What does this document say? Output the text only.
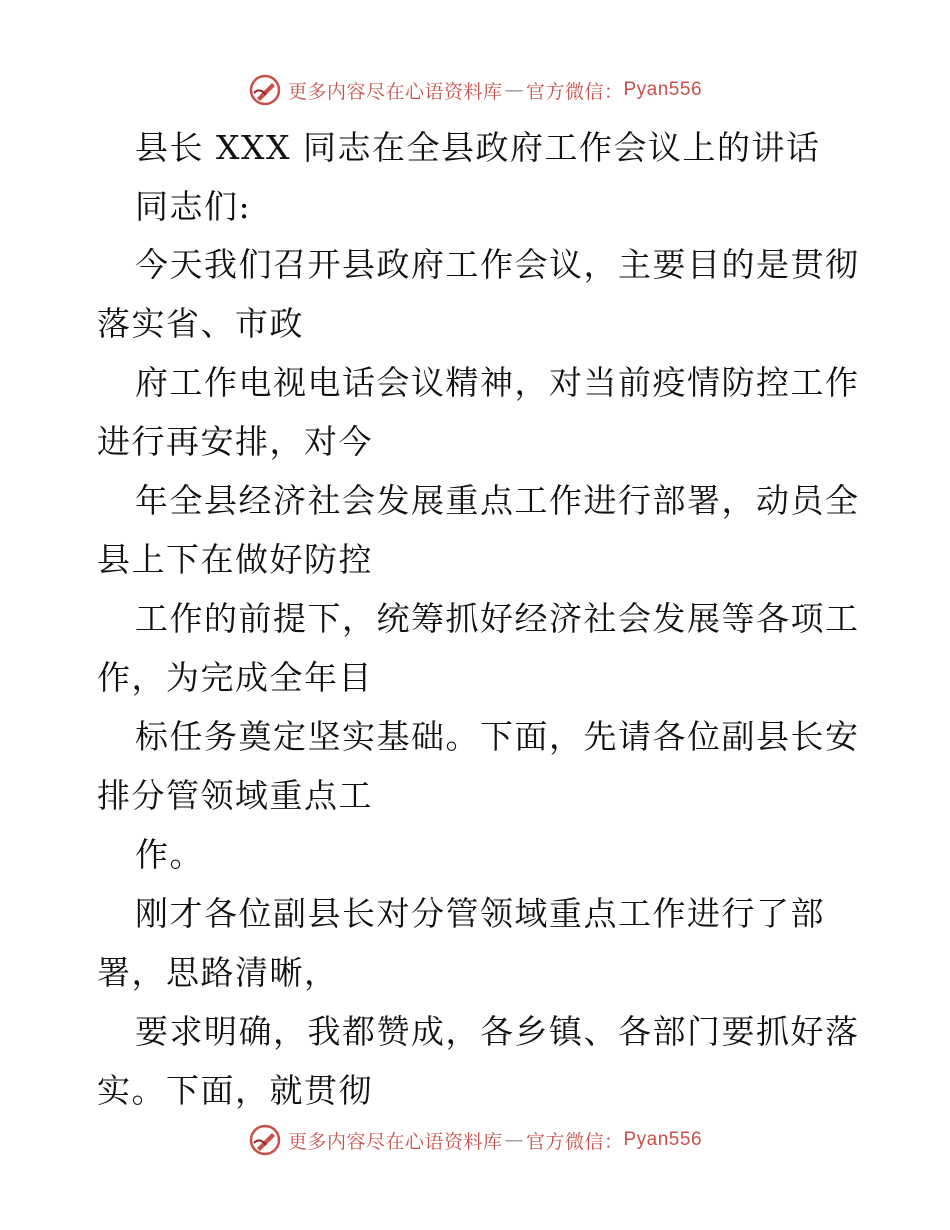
更多内容尽在心语资料库 — 官方微信： Pyan556
县长 XXX 同志在全县政府工作会议上的讲话
同志们:
今天我们召开县政府工作会议，主要目的是贯彻
落实省、市政
府工作电视电话会议精神，对当前疫情防控工作
进行再安排，对今
年全县经济社会发展重点工作进行部署，动员全
县上下在做好防控
工作的前提下，统筹抓好经济社会发展等各项工
作，为完成全年目
标任务奠定坚实基础。下面，先请各位副县长安
排分管领域重点工
作。
刚才各位副县长对分管领域重点工作进行了部
署，思路清晰，
要求明确，我都赞成，各乡镇、各部门要抓好落
实。下面，就贯彻
更多内容尽在心语资料库 — 官方微信： Pyan556
